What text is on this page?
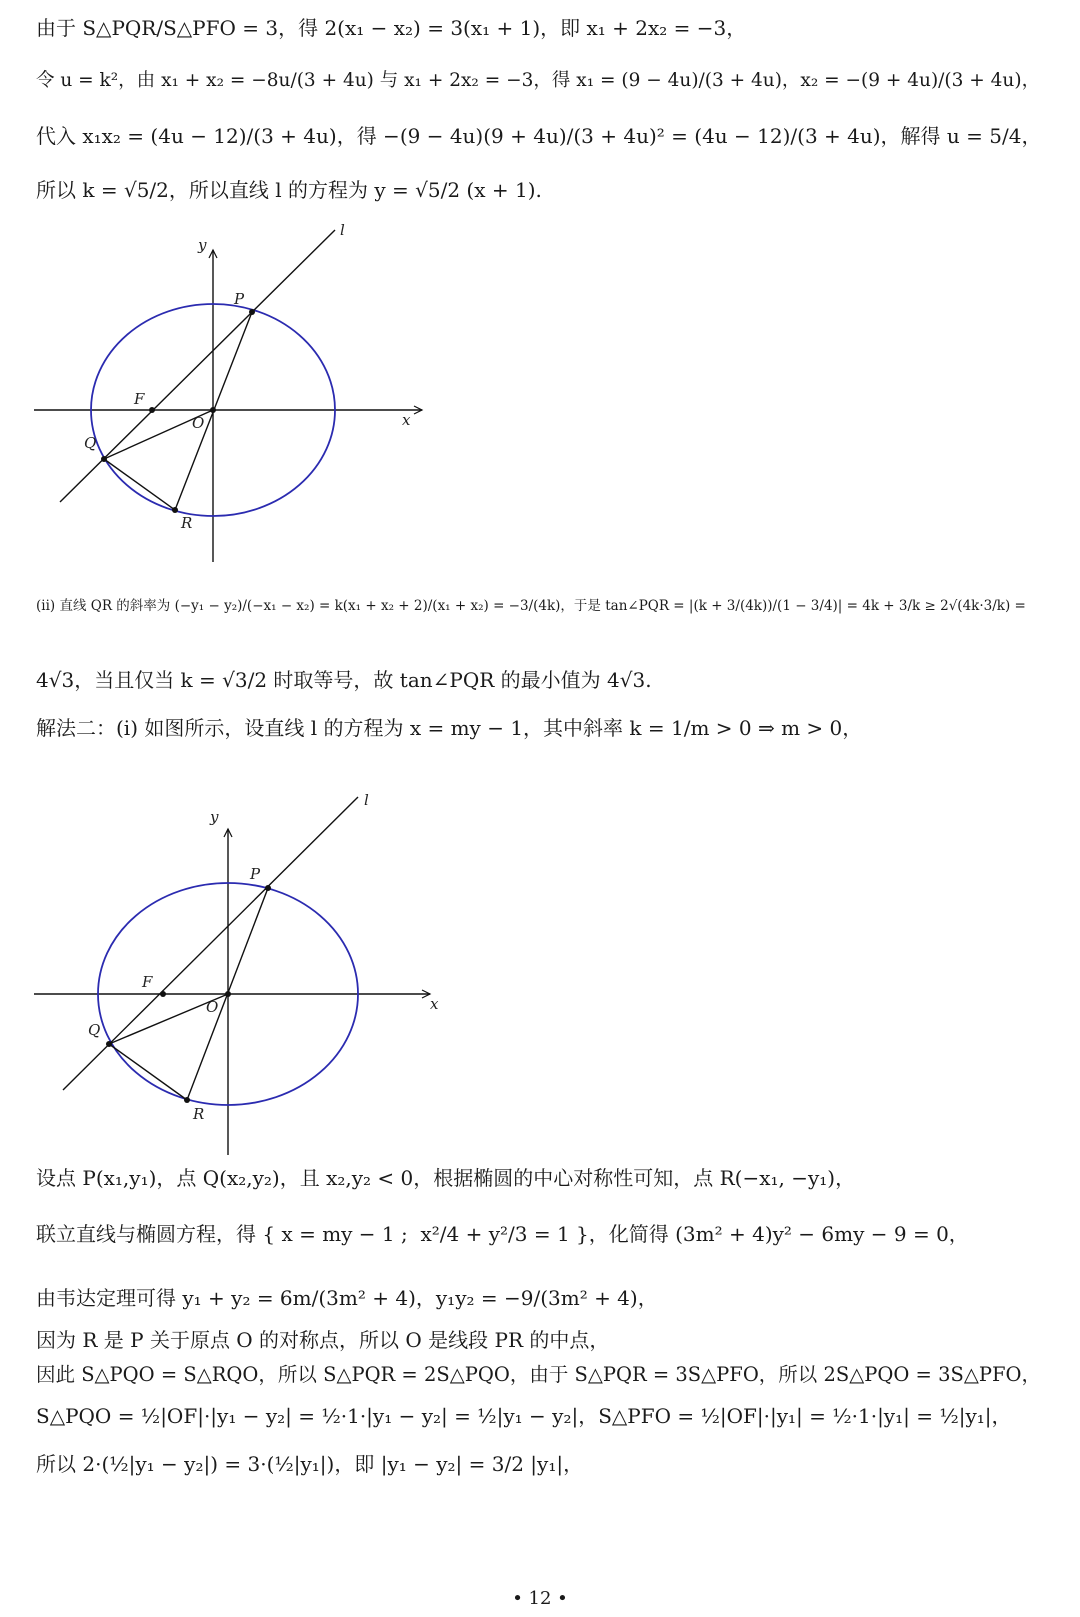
由于 S△PQR/S△PFO = 3，得 2(x₁ − x₂) = 3(x₁ + 1)，即 x₁ + 2x₂ = −3，
令 u = k²，由 x₁ + x₂ = −8u/(3 + 4u) 与 x₁ + 2x₂ = −3，得 x₁ = (9 − 4u)/(3 + 4u)，x₂ = −(9 + 4u)/(3 + 4u)，
代入 x₁x₂ = (4u − 12)/(3 + 4u)，得 −(9 − 4u)(9 + 4u)/(3 + 4u)² = (4u − 12)/(3 + 4u)，解得 u = 5/4，
所以 k = √5/2，所以直线 l 的方程为 y = √5/2 (x + 1).
(ii) 直线 QR 的斜率为 (−y₁ − y₂)/(−x₁ − x₂) = k(x₁ + x₂ + 2)/(x₁ + x₂) = −3/(4k)，于是 tan∠PQR = |(k + 3/(4k))/(1 − 3/4)| = 4k + 3/k ≥ 2√(4k·3/k) =
4√3，当且仅当 k = √3/2 时取等号，故 tan∠PQR 的最小值为 4√3.
解法二：(i) 如图所示，设直线 l 的方程为 x = my − 1，其中斜率 k = 1/m > 0 ⇒ m > 0，
设点 P(x₁,y₁)，点 Q(x₂,y₂)，且 x₂,y₂ < 0，根据椭圆的中心对称性可知，点 R(−x₁, −y₁)，
联立直线与椭圆方程，得 { x = my − 1 ;  x²/4 + y²/3 = 1 }，化简得 (3m² + 4)y² − 6my − 9 = 0，
由韦达定理可得 y₁ + y₂ = 6m/(3m² + 4)，y₁y₂ = −9/(3m² + 4)，
因为 R 是 P 关于原点 O 的对称点，所以 O 是线段 PR 的中点，
因此 S△PQO = S△RQO，所以 S△PQR = 2S△PQO，由于 S△PQR = 3S△PFO，所以 2S△PQO = 3S△PFO，
S△PQO = ½|OF|·|y₁ − y₂| = ½·1·|y₁ − y₂| = ½|y₁ − y₂|，S△PFO = ½|OF|·|y₁| = ½·1·|y₁| = ½|y₁|，
所以 2·(½|y₁ − y₂|) = 3·(½|y₁|)，即 |y₁ − y₂| = 3/2 |y₁|，
y
x
l
P
F
O
Q
R
y
x
l
P
F
O
Q
R
• 12 •
